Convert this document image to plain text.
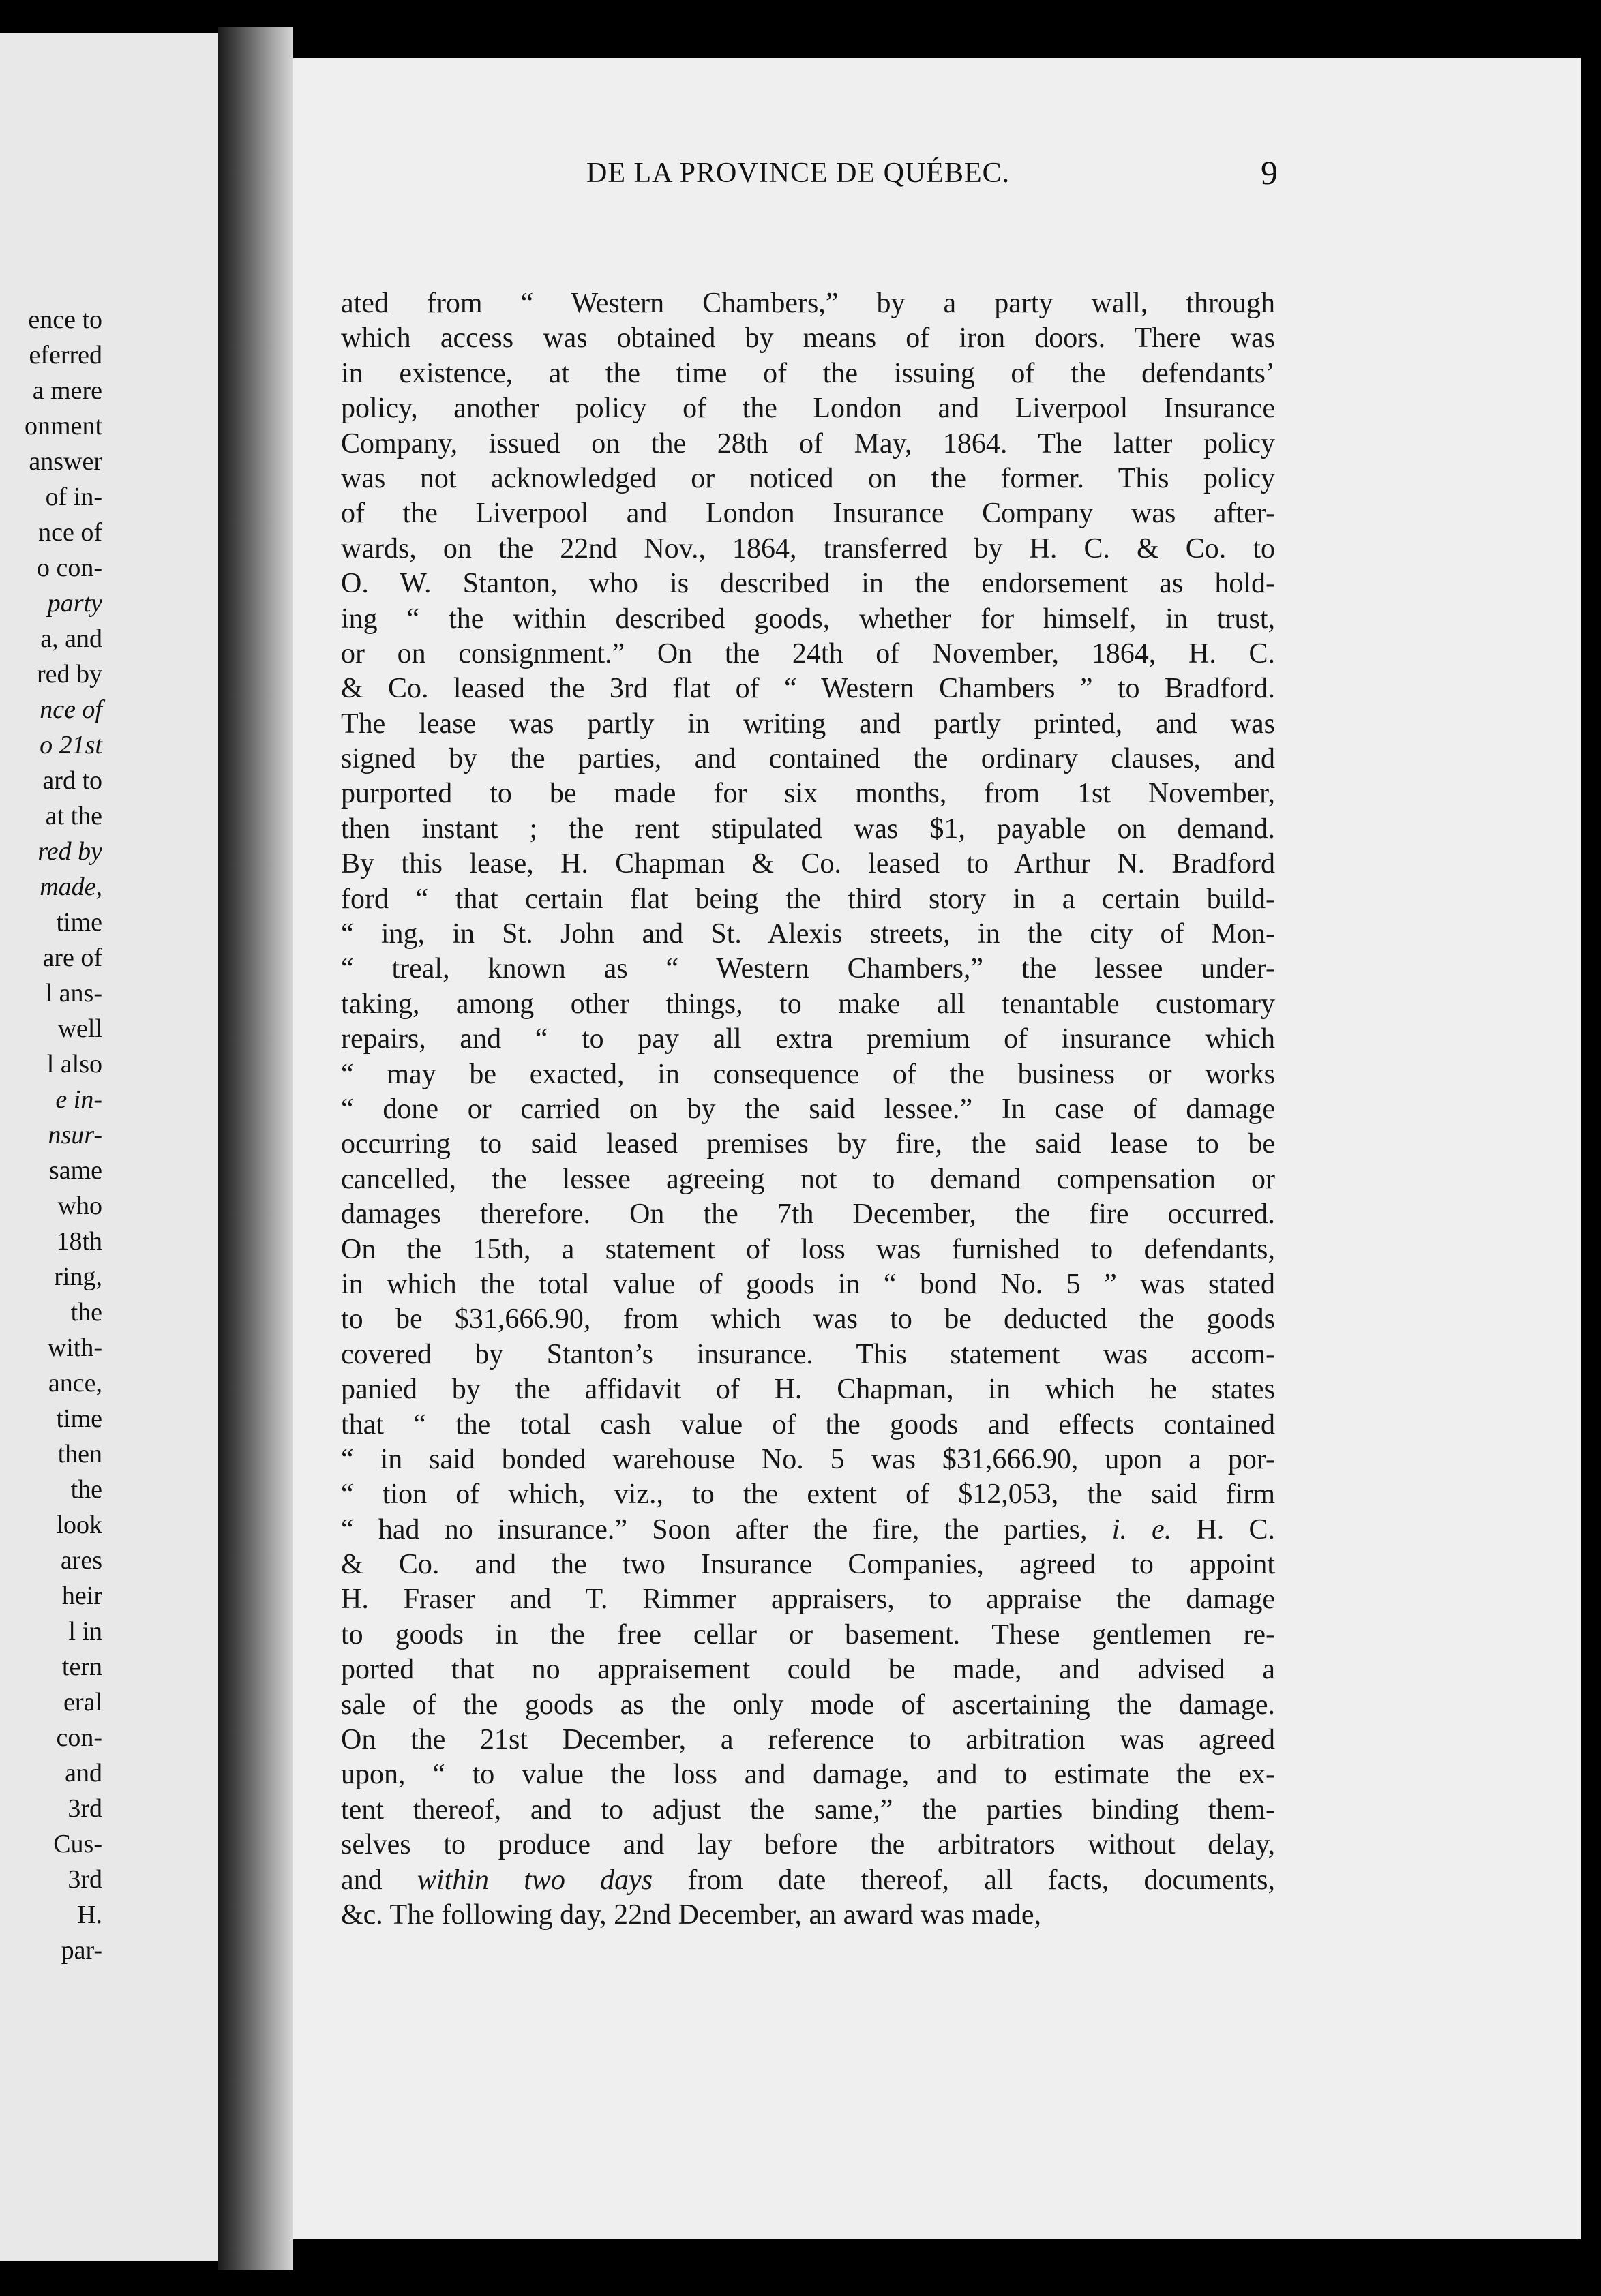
ence to
eferred
a mere
onment
answer
of in-
nce of
o con-
party
a, and
red by
nce of
o 21st
ard to
at the
red by
made,
time
are of
l ans-
well
l also
e in-
nsur-
same
who
18th
ring,
the
with-
ance,
time
then
the
look
ares
heir
l in
tern
eral
con-
and
3rd
Cus-
3rd
H.
par-
DE LA PROVINCE DE QUÉBEC.	9
ated from “ Western Chambers,” by a party wall, through
which access was obtained by means of iron doors. There was
in existence, at the time of the issuing of the defendants’
policy, another policy of the London and Liverpool Insurance
Company, issued on the 28th of May, 1864. The latter policy
was not acknowledged or noticed on the former. This policy
of the Liverpool and London Insurance Company was after-
wards, on the 22nd Nov., 1864, transferred by H. C. & Co. to
O. W. Stanton, who is described in the endorsement as hold-
ing “ the within described goods, whether for himself, in trust,
or on consignment.” On the 24th of November, 1864, H. C.
& Co. leased the 3rd flat of “ Western Chambers ” to Bradford.
The lease was partly in writing and partly printed, and was
signed by the parties, and contained the ordinary clauses, and
purported to be made for six months, from 1st November,
then instant ; the rent stipulated was $1, payable on demand.
By this lease, H. Chapman & Co. leased to Arthur N. Bradford
ford “ that certain flat being the third story in a certain build-
“ ing, in St. John and St. Alexis streets, in the city of Mon-
“ treal, known as “ Western Chambers,” the lessee under-
taking, among other things, to make all tenantable customary
repairs, and “ to pay all extra premium of insurance which
“ may be exacted, in consequence of the business or works
“ done or carried on by the said lessee.” In case of damage
occurring to said leased premises by fire, the said lease to be
cancelled, the lessee agreeing not to demand compensation or
damages therefore. On the 7th December, the fire occurred.
On the 15th, a statement of loss was furnished to defendants,
in which the total value of goods in “ bond No. 5 ” was stated
to be $31,666.90, from which was to be deducted the goods
covered by Stanton’s insurance. This statement was accom-
panied by the affidavit of H. Chapman, in which he states
that “ the total cash value of the goods and effects contained
“ in said bonded warehouse No. 5 was $31,666.90, upon a por-
“ tion of which, viz., to the extent of $12,053, the said firm
“ had no insurance.” Soon after the fire, the parties, i. e. H. C.
& Co. and the two Insurance Companies, agreed to appoint
H. Fraser and T. Rimmer appraisers, to appraise the damage
to goods in the free cellar or basement. These gentlemen re-
ported that no appraisement could be made, and advised a
sale of the goods as the only mode of ascertaining the damage.
On the 21st December, a reference to arbitration was agreed
upon, “ to value the loss and damage, and to estimate the ex-
tent thereof, and to adjust the same,” the parties binding them-
selves to produce and lay before the arbitrators without delay,
and within two days from date thereof, all facts, documents,
&c. The following day, 22nd December, an award was made,
